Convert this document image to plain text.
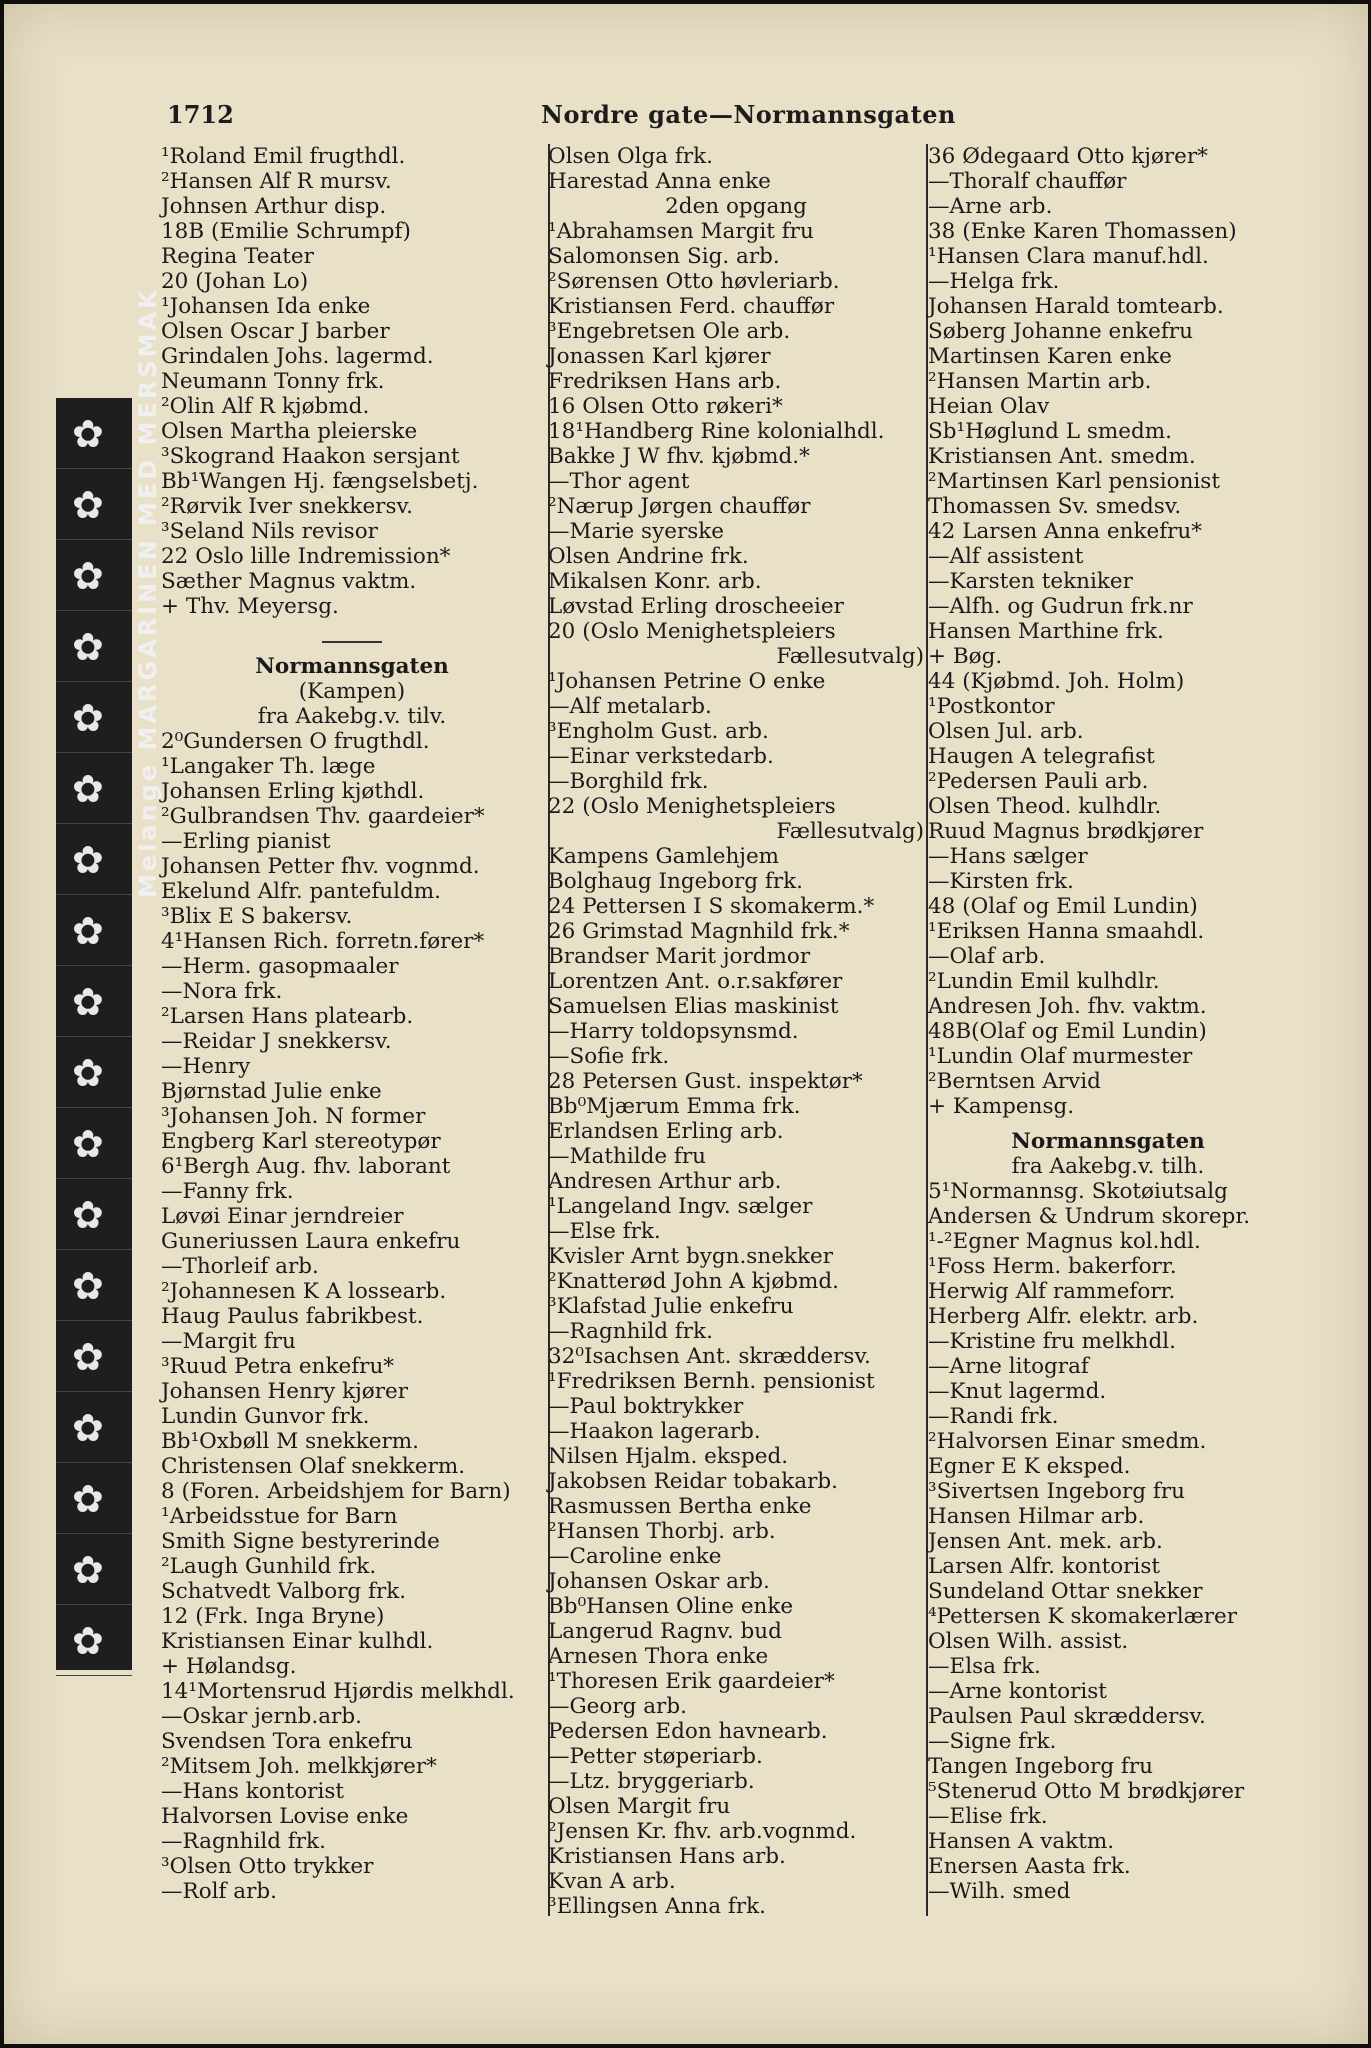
1712	Nordre gate—Normannsgaten
✿
✿
✿
✿
✿
✿
✿
✿
✿
✿
✿
✿
✿
✿
✿
✿
✿
✿
Melange MARGARINEN MED MERSMAK
¹Roland Emil frugthdl.
²Hansen Alf R mursv.
Johnsen Arthur disp.
18B (Emilie Schrumpf)
Regina Teater
20 (Johan Lo)
¹Johansen Ida enke
Olsen Oscar J barber
Grindalen Johs. lagermd.
Neumann Tonny frk.
²Olin Alf R kjøbmd.
Olsen Martha pleierske
³Skogrand Haakon sersjant
Bb¹Wangen Hj. fængselsbetj.
²Rørvik Iver snekkersv.
³Seland Nils revisor
22 Oslo lille Indremission*
Sæther Magnus vaktm.
+ Thv. Meyersg.
Normannsgaten
(Kampen)
fra Aakebg.v. tilv.
2⁰Gundersen O frugthdl.
¹Langaker Th. læge
Johansen Erling kjøthdl.
²Gulbrandsen Thv. gaardeier*
—Erling pianist
Johansen Petter fhv. vognmd.
Ekelund Alfr. pantefuldm.
³Blix E S bakersv.
4¹Hansen Rich. forretn.fører*
—Herm. gasopmaaler
—Nora frk.
²Larsen Hans platearb.
—Reidar J snekkersv.
—Henry
Bjørnstad Julie enke
³Johansen Joh. N former
Engberg Karl stereotypør
6¹Bergh Aug. fhv. laborant
—Fanny frk.
Løvøi Einar jerndreier
Guneriussen Laura enkefru
—Thorleif arb.
²Johannesen K A lossearb.
Haug Paulus fabrikbest.
—Margit fru
³Ruud Petra enkefru*
Johansen Henry kjører
Lundin Gunvor frk.
Bb¹Oxbøll M snekkerm.
Christensen Olaf snekkerm.
8 (Foren. Arbeidshjem for Barn)
¹Arbeidsstue for Barn
Smith Signe bestyrerinde
²Laugh Gunhild frk.
Schatvedt Valborg frk.
12 (Frk. Inga Bryne)
Kristiansen Einar kulhdl.
+ Hølandsg.
14¹Mortensrud Hjørdis melkhdl.
—Oskar jernb.arb.
Svendsen Tora enkefru
²Mitsem Joh. melkkjører*
—Hans kontorist
Halvorsen Lovise enke
—Ragnhild frk.
³Olsen Otto trykker
—Rolf arb.
Olsen Olga frk.
Harestad Anna enke
2den opgang
¹Abrahamsen Margit fru
Salomonsen Sig. arb.
²Sørensen Otto høvleriarb.
Kristiansen Ferd. chauffør
³Engebretsen Ole arb.
Jonassen Karl kjører
Fredriksen Hans arb.
16 Olsen Otto røkeri*
18¹Handberg Rine kolonialhdl.
Bakke J W fhv. kjøbmd.*
—Thor agent
²Nærup Jørgen chauffør
—Marie syerske
Olsen Andrine frk.
Mikalsen Konr. arb.
Løvstad Erling droscheeier
20 (Oslo Menighetspleiers
Fællesutvalg)
¹Johansen Petrine O enke
—Alf metalarb.
³Engholm Gust. arb.
—Einar verkstedarb.
—Borghild frk.
22 (Oslo Menighetspleiers
Fællesutvalg)
Kampens Gamlehjem
Bolghaug Ingeborg frk.
24 Pettersen I S skomakerm.*
26 Grimstad Magnhild frk.*
Brandser Marit jordmor
Lorentzen Ant. o.r.sakfører
Samuelsen Elias maskinist
—Harry toldopsynsmd.
—Sofie frk.
28 Petersen Gust. inspektør*
Bb⁰Mjærum Emma frk.
Erlandsen Erling arb.
—Mathilde fru
Andresen Arthur arb.
¹Langeland Ingv. sælger
—Else frk.
Kvisler Arnt bygn.snekker
²Knatterød John A kjøbmd.
³Klafstad Julie enkefru
—Ragnhild frk.
32⁰Isachsen Ant. skræddersv.
¹Fredriksen Bernh. pensionist
—Paul boktrykker
—Haakon lagerarb.
Nilsen Hjalm. eksped.
Jakobsen Reidar tobakarb.
Rasmussen Bertha enke
²Hansen Thorbj. arb.
—Caroline enke
Johansen Oskar arb.
Bb⁰Hansen Oline enke
Langerud Ragnv. bud
Arnesen Thora enke
¹Thoresen Erik gaardeier*
—Georg arb.
Pedersen Edon havnearb.
—Petter støperiarb.
—Ltz. bryggeriarb.
Olsen Margit fru
²Jensen Kr. fhv. arb.vognmd.
Kristiansen Hans arb.
Kvan A arb.
³Ellingsen Anna frk.
36 Ødegaard Otto kjører*
—Thoralf chauffør
—Arne arb.
38 (Enke Karen Thomassen)
¹Hansen Clara manuf.hdl.
—Helga frk.
Johansen Harald tomtearb.
Søberg Johanne enkefru
Martinsen Karen enke
²Hansen Martin arb.
Heian Olav
Sb¹Høglund L smedm.
Kristiansen Ant. smedm.
²Martinsen Karl pensionist
Thomassen Sv. smedsv.
42 Larsen Anna enkefru*
—Alf assistent
—Karsten tekniker
—Alfh. og Gudrun frk.nr
Hansen Marthine frk.
+ Bøg.
44 (Kjøbmd. Joh. Holm)
¹Postkontor
Olsen Jul. arb.
Haugen A telegrafist
²Pedersen Pauli arb.
Olsen Theod. kulhdlr.
Ruud Magnus brødkjører
—Hans sælger
—Kirsten frk.
48 (Olaf og Emil Lundin)
¹Eriksen Hanna smaahdl.
—Olaf arb.
²Lundin Emil kulhdlr.
Andresen Joh. fhv. vaktm.
48B(Olaf og Emil Lundin)
¹Lundin Olaf murmester
²Berntsen Arvid
+ Kampensg.
Normannsgaten
fra Aakebg.v. tilh.
5¹Normannsg. Skotøiutsalg
Andersen & Undrum skorepr.
¹-²Egner Magnus kol.hdl.
¹Foss Herm. bakerforr.
Herwig Alf rammeforr.
Herberg Alfr. elektr. arb.
—Kristine fru melkhdl.
—Arne litograf
—Knut lagermd.
—Randi frk.
²Halvorsen Einar smedm.
Egner E K eksped.
³Sivertsen Ingeborg fru
Hansen Hilmar arb.
Jensen Ant. mek. arb.
Larsen Alfr. kontorist
Sundeland Ottar snekker
⁴Pettersen K skomakerlærer
Olsen Wilh. assist.
—Elsa frk.
—Arne kontorist
Paulsen Paul skræddersv.
—Signe frk.
Tangen Ingeborg fru
⁵Stenerud Otto M brødkjører
—Elise frk.
Hansen A vaktm.
Enersen Aasta frk.
—Wilh. smed
